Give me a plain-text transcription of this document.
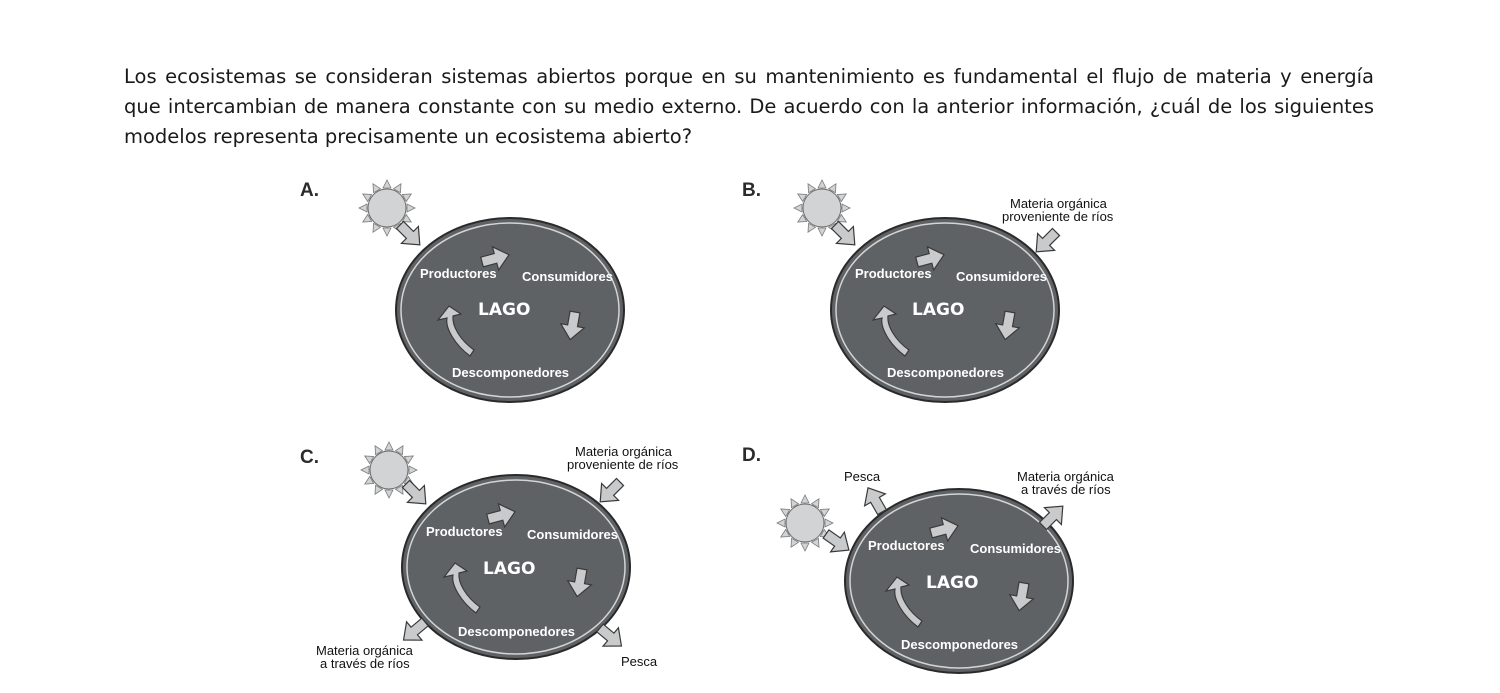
Los ecosistemas se consideran sistemas abiertos porque en su mantenimiento es fundamental el flujo de materia y energía que intercambian de manera constante con su medio externo. De acuerdo con la anterior información, ¿cuál de los siguientes modelos representa precisamente un ecosistema abierto?

A.
Productores Consumidores
LAGO
Descomponedores
B.
Materia orgánica
proveniente de ríos
Productores Consumidores
LAGO
Descomponedores
C.	Materia orgánica
proveniente de ríos
Productores Consumidores
LAGO
Descomponedores
Materia orgánica
a través de ríos	Pesca
D.
Pesca	Materia orgánica
a través de ríos
Productores Consumidores
LAGO
Descomponedores
